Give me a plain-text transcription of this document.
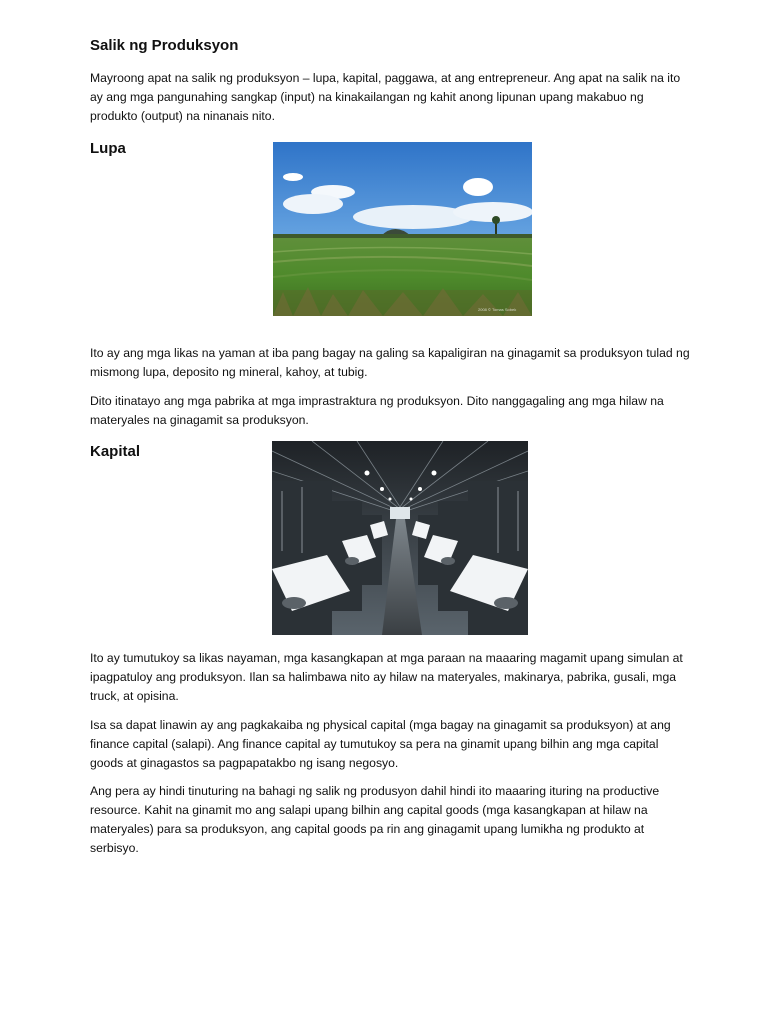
Salik ng Produksyon

Mayroong apat na salik ng produksyon – lupa, kapital, paggawa, at ang entrepreneur. Ang apat na salik na ito ay ang mga pangunahing sangkap (input) na kinakailangan ng kahit anong lipunan upang makabuo ng produkto (output) na ninanais nito.

Lupa
2008 © Tomas Sobek

Ito ay ang mga likas na yaman at iba pang bagay na galing sa kapaligiran na ginagamit sa produksyon tulad ng mismong lupa, deposito ng mineral, kahoy, at tubig.

Dito itinatayo ang mga pabrika at mga imprastraktura ng produksyon. Dito nanggagaling ang mga hilaw na materyales na ginagamit sa produksyon.

Kapital

Ito ay tumutukoy sa likas nayaman, mga kasangkapan at mga paraan na maaaring magamit upang simulan at ipagpatuloy ang produksyon. Ilan sa halimbawa nito ay hilaw na materyales, makinarya, pabrika, gusali, mga truck, at opisina.

Isa sa dapat linawin ay ang pagkakaiba ng physical capital (mga bagay na ginagamit sa produksyon) at ang finance capital (salapi). Ang finance capital ay tumutukoy sa pera na ginamit upang bilhin ang mga capital goods at ginagastos sa pagpapatakbo ng isang negosyo.

Ang pera ay hindi tinuturing na bahagi ng salik ng produsyon dahil hindi ito maaaring ituring na productive resource. Kahit na ginamit mo ang salapi upang bilhin ang capital goods (mga kasangkapan at hilaw na materyales) para sa produksyon, ang capital goods pa rin ang ginagamit upang lumikha ng produkto at serbisyo.
